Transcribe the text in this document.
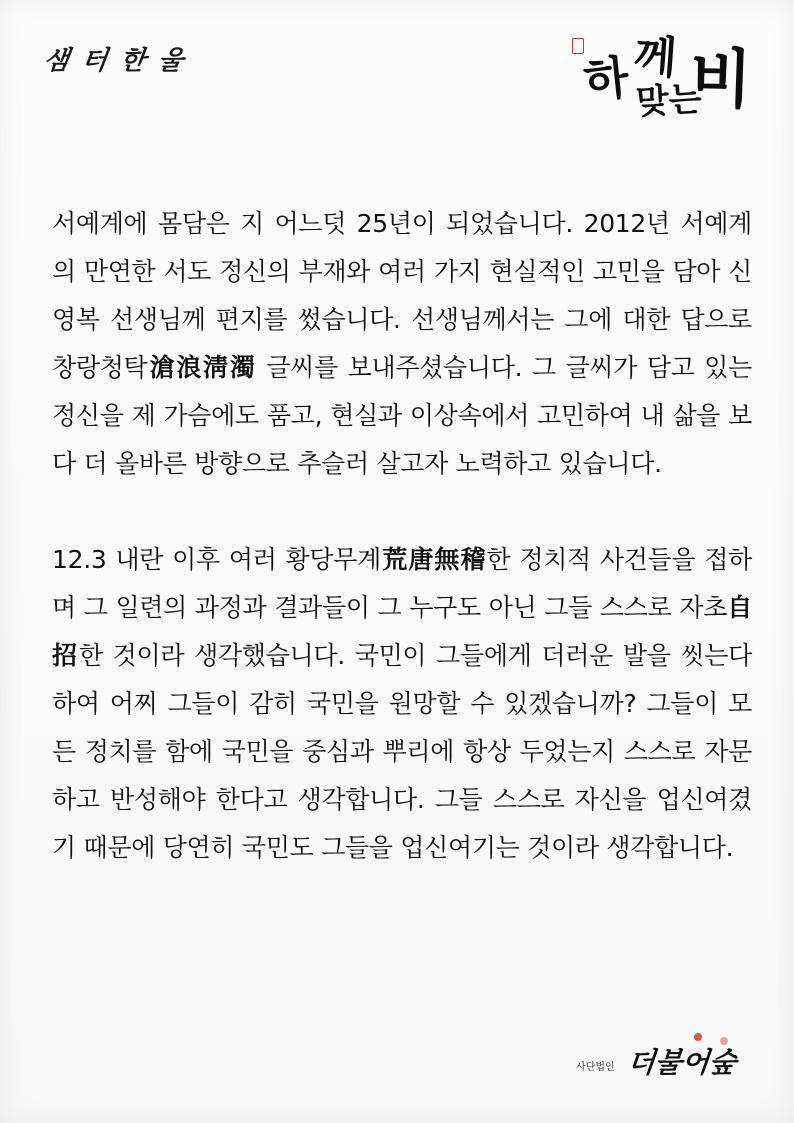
샘 터 한 울	하 께
맞는
비

서예계에 몸담은 지 어느덧 25년이 되었습니다. 2012년 서예계의 만연한 서도 정신의 부재와 여러 가지 현실적인 고민을 담아 신영복 선생님께 편지를 썼습니다. 선생님께서는 그에 대한 답으로 창랑청탁滄浪淸濁 글씨를 보내주셨습니다. 그 글씨가 담고 있는 정신을 제 가슴에도 품고, 현실과 이상속에서 고민하여 내 삶을 보다 더 올바른 방향으로 추슬러 살고자 노력하고 있습니다.

12.3 내란 이후 여러 황당무계荒唐無稽한 정치적 사건들을 접하며 그 일련의 과정과 결과들이 그 누구도 아닌 그들 스스로 자초自招한 것이라 생각했습니다. 국민이 그들에게 더러운 발을 씻는다 하여 어찌 그들이 감히 국민을 원망할 수 있겠습니까? 그들이 모든 정치를 함에 국민을 중심과 뿌리에 항상 두었는지 스스로 자문하고 반성해야 한다고 생각합니다. 그들 스스로 자신을 업신여겼기 때문에 당연히 국민도 그들을 업신여기는 것이라 생각합니다.

사단법인 더불어숲
